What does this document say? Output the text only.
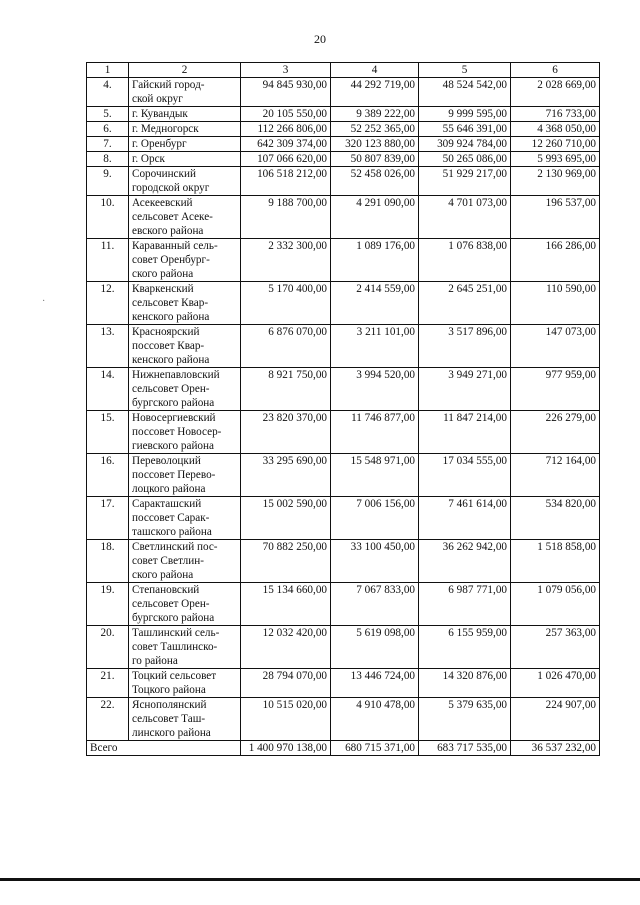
20
·
1	2	3	4	5	6
4.	Гайский город-
ской округ	94 845 930,00	44 292 719,00	48 524 542,00	2 028 669,00
5.	г. Кувандык	20 105 550,00	9 389 222,00	9 999 595,00	716 733,00
6.	г. Медногорск	112 266 806,00	52 252 365,00	55 646 391,00	4 368 050,00
7.	г. Оренбург	642 309 374,00	320 123 880,00	309 924 784,00	12 260 710,00
8.	г. Орск	107 066 620,00	50 807 839,00	50 265 086,00	5 993 695,00
9.	Сорочинский
городской округ	106 518 212,00	52 458 026,00	51 929 217,00	2 130 969,00
10.	Асекеевский
сельсовет Асеке-
евского района	9 188 700,00	4 291 090,00	4 701 073,00	196 537,00
11.	Караванный сель-
совет Оренбург-
ского района	2 332 300,00	1 089 176,00	1 076 838,00	166 286,00
12.	Кваркенский
сельсовет Квар-
кенского района	5 170 400,00	2 414 559,00	2 645 251,00	110 590,00
13.	Красноярский
поссовет Квар-
кенского района	6 876 070,00	3 211 101,00	3 517 896,00	147 073,00
14.	Нижнепавловский
сельсовет Орен-
бургского района	8 921 750,00	3 994 520,00	3 949 271,00	977 959,00
15.	Новосергиевский
поссовет Новосер-
гиевского района	23 820 370,00	11 746 877,00	11 847 214,00	226 279,00
16.	Переволоцкий
поссовет Перево-
лоцкого района	33 295 690,00	15 548 971,00	17 034 555,00	712 164,00
17.	Саракташский
поссовет Сарак-
ташского района	15 002 590,00	7 006 156,00	7 461 614,00	534 820,00
18.	Светлинский пос-
совет Светлин-
ского района	70 882 250,00	33 100 450,00	36 262 942,00	1 518 858,00
19.	Степановский
сельсовет Орен-
бургского района	15 134 660,00	7 067 833,00	6 987 771,00	1 079 056,00
20.	Ташлинский сель-
совет Ташлинско-
го района	12 032 420,00	5 619 098,00	6 155 959,00	257 363,00
21.	Тоцкий сельсовет
Тоцкого района	28 794 070,00	13 446 724,00	14 320 876,00	1 026 470,00
22.	Яснополянский
сельсовет Таш-
линского района	10 515 020,00	4 910 478,00	5 379 635,00	224 907,00
Всего		1 400 970 138,00	680 715 371,00	683 717 535,00	36 537 232,00
